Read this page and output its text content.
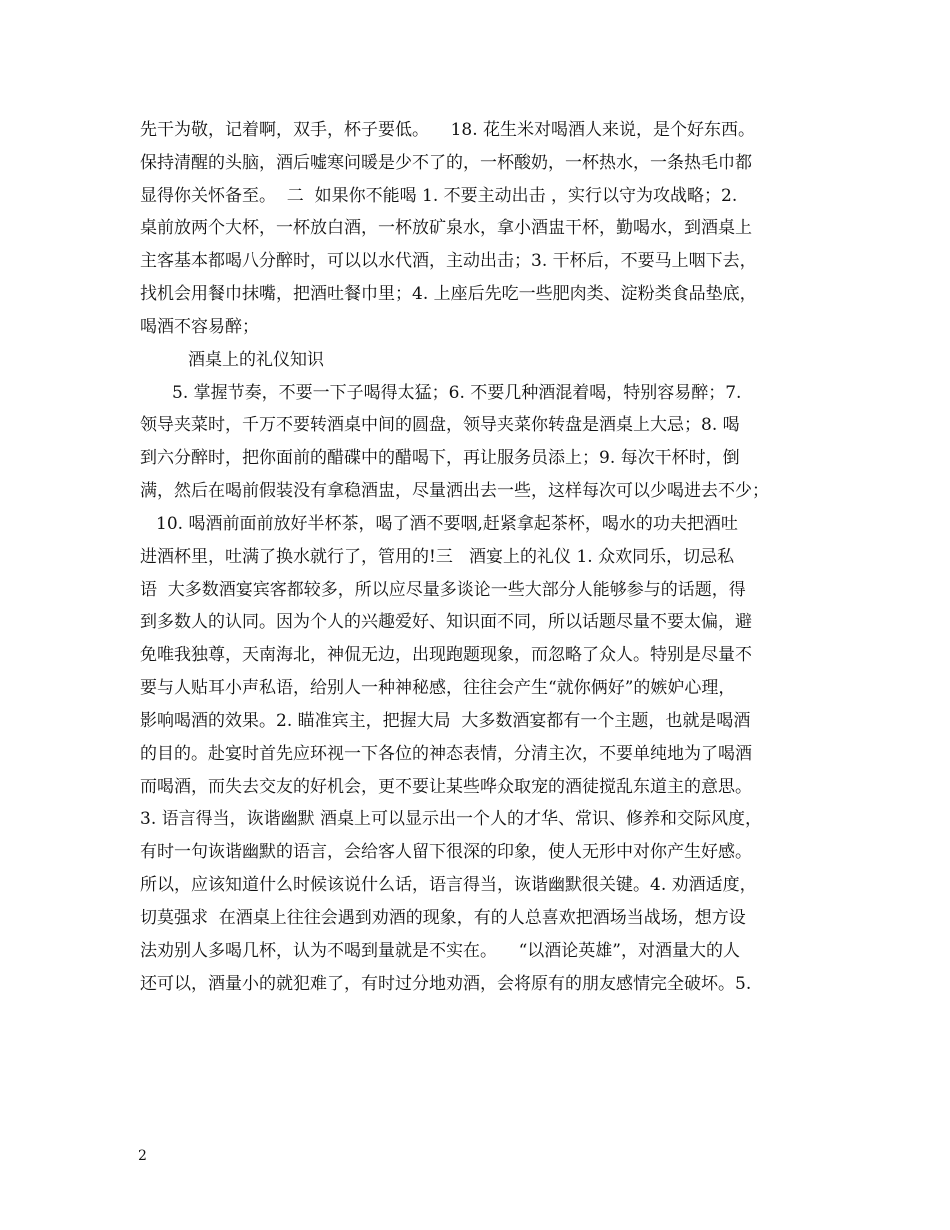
先干为敬，记着啊，双手，杯子要低。    18. 花生米对喝酒人来说，是个好东西。

保持清醒的头脑，酒后嘘寒问暖是少不了的，一杯酸奶，一杯热水，一条热毛巾都

显得你关怀备至。  二  如果你不能喝 1. 不要主动出击 ，实行以守为攻战略；2.

桌前放两个大杯，一杯放白酒，一杯放矿泉水，拿小酒盅干杯，勤喝水，到酒桌上

主客基本都喝八分醉时，可以以水代酒，主动出击；3. 干杯后，不要马上咽下去，

找机会用餐巾抹嘴，把酒吐餐巾里；4. 上座后先吃一些肥肉类、淀粉类食品垫底，

喝酒不容易醉；

酒桌上的礼仪知识

5. 掌握节奏，不要一下子喝得太猛；6. 不要几种酒混着喝，特别容易醉；7.

领导夹菜时，千万不要转酒桌中间的圆盘，领导夹菜你转盘是酒桌上大忌；8. 喝

到六分醉时，把你面前的醋碟中的醋喝下，再让服务员添上；9. 每次干杯时，倒

满，然后在喝前假装没有拿稳酒盅，尽量洒出去一些，这样每次可以少喝进去不少；

10. 喝酒前面前放好半杯茶，喝了酒不要咽,赶紧拿起茶杯，喝水的功夫把酒吐

进酒杯里，吐满了换水就行了，管用的!三   酒宴上的礼仪 1. 众欢同乐，切忌私

语  大多数酒宴宾客都较多，所以应尽量多谈论一些大部分人能够参与的话题，得

到多数人的认同。因为个人的兴趣爱好、知识面不同，所以话题尽量不要太偏，避

免唯我独尊，天南海北，神侃无边，出现跑题现象，而忽略了众人。特别是尽量不

要与人贴耳小声私语，给别人一种神秘感，往往会产生“就你俩好”的嫉妒心理，

影响喝酒的效果。2. 瞄准宾主，把握大局  大多数酒宴都有一个主题，也就是喝酒

的目的。赴宴时首先应环视一下各位的神态表情，分清主次，不要单纯地为了喝酒

而喝酒，而失去交友的好机会，更不要让某些哗众取宠的酒徒搅乱东道主的意思。

3. 语言得当，诙谐幽默 酒桌上可以显示出一个人的才华、常识、修养和交际风度，

有时一句诙谐幽默的语言，会给客人留下很深的印象，使人无形中对你产生好感。

所以，应该知道什么时候该说什么话，语言得当，诙谐幽默很关键。4. 劝酒适度，

切莫强求  在酒桌上往往会遇到劝酒的现象，有的人总喜欢把酒场当战场，想方设

法劝别人多喝几杯，认为不喝到量就是不实在。    “以酒论英雄”，对酒量大的人

还可以，酒量小的就犯难了，有时过分地劝酒，会将原有的朋友感情完全破坏。5.

2
